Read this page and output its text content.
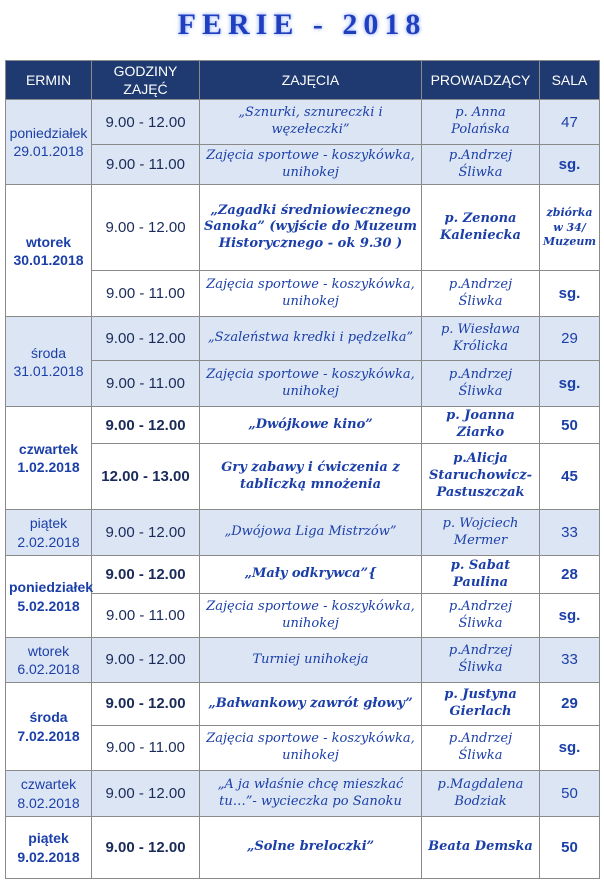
FERIE - 2018
ERMIN	GODZINY ZAJĘĆ	ZAJĘCIA	PROWADZĄCY	SALA
poniedziałek 29.01.2018	9.00 - 12.00	„Sznurki, sznureczki i węzełeczki”	p. Anna Polańska	47
	9.00 - 11.00	Zajęcia sportowe - koszykówka, unihokej	p.Andrzej Śliwka	sg.
wtorek 30.01.2018	9.00 - 12.00	„Zagadki średniowiecznego Sanoka” (wyjście do Muzeum Historycznego - ok 9.30 )	p. Zenona Kaleniecka	zbiórka w 34/ Muzeum
	9.00 - 11.00	Zajęcia sportowe - koszykówka, unihokej	p.Andrzej Śliwka	sg.
środa 31.01.2018	9.00 - 12.00	„Szaleństwa kredki i pędzelka”	p. Wiesława Królicka	29
	9.00 - 11.00	Zajęcia sportowe - koszykówka, unihokej	p.Andrzej Śliwka	sg.
czwartek 1.02.2018	9.00 - 12.00	„Dwójkowe kino”	p. Joanna Ziarko	50
	12.00 - 13.00	Gry zabawy i ćwiczenia z tabliczką mnożenia	p.Alicja Staruchowicz-Pastuszczak	45
piątek 2.02.2018	9.00 - 12.00	„Dwójowa Liga Mistrzów”	p. Wojciech Mermer	33
poniedziałek 5.02.2018	9.00 - 12.00	„Mały odkrywca”{	p. Sabat Paulina	28
	9.00 - 11.00	Zajęcia sportowe - koszykówka, unihokej	p.Andrzej Śliwka	sg.
wtorek 6.02.2018	9.00 - 12.00	Turniej unihokeja	p.Andrzej Śliwka	33
środa 7.02.2018	9.00 - 12.00	„Bałwankowy zawrót głowy”	p. Justyna Gierlach	29
	9.00 - 11.00	Zajęcia sportowe - koszykówka, unihokej	p.Andrzej Śliwka	sg.
czwartek 8.02.2018	9.00 - 12.00	„A ja właśnie chcę mieszkać tu…”- wycieczka po Sanoku	p.Magdalena Bodziak	50
piątek 9.02.2018	9.00 - 12.00	„Solne breloczki”	Beata Demska	50
